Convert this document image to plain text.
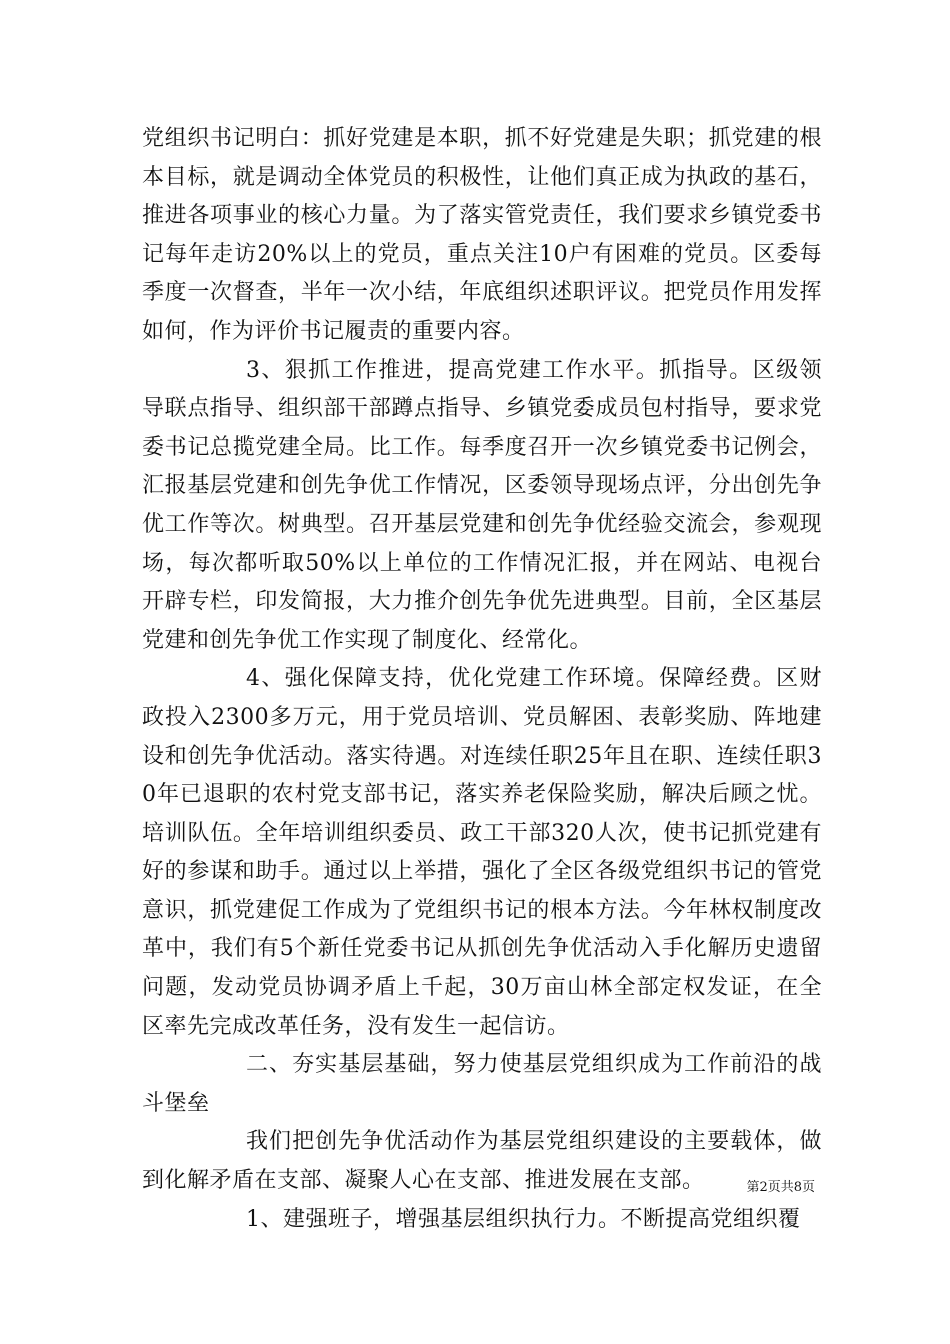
党组织书记明白：抓好党建是本职，抓不好党建是失职；抓党建的根本目标，就是调动全体党员的积极性，让他们真正成为执政的基石，推进各项事业的核心力量。为了落实管党责任，我们要求乡镇党委书记每年走访20%以上的党员，重点关注10户有困难的党员。区委每季度一次督查，半年一次小结，年底组织述职评议。把党员作用发挥如何，作为评价书记履责的重要内容。

3、狠抓工作推进，提高党建工作水平。抓指导。区级领导联点指导、组织部干部蹲点指导、乡镇党委成员包村指导，要求党委书记总揽党建全局。比工作。每季度召开一次乡镇党委书记例会，汇报基层党建和创先争优工作情况，区委领导现场点评，分出创先争优工作等次。树典型。召开基层党建和创先争优经验交流会，参观现场，每次都听取50%以上单位的工作情况汇报，并在网站、电视台开辟专栏，印发简报，大力推介创先争优先进典型。目前，全区基层党建和创先争优工作实现了制度化、经常化。

4、强化保障支持，优化党建工作环境。保障经费。区财政投入2300多万元，用于党员培训、党员解困、表彰奖励、阵地建设和创先争优活动。落实待遇。对连续任职25年且在职、连续任职30年已退职的农村党支部书记，落实养老保险奖励，解决后顾之忧。培训队伍。全年培训组织委员、政工干部320人次，使书记抓党建有好的参谋和助手。通过以上举措，强化了全区各级党组织书记的管党意识，抓党建促工作成为了党组织书记的根本方法。今年林权制度改革中，我们有5个新任党委书记从抓创先争优活动入手化解历史遗留问题，发动党员协调矛盾上千起，30万亩山林全部定权发证，在全区率先完成改革任务，没有发生一起信访。

二、夯实基层基础，努力使基层党组织成为工作前沿的战斗堡垒

我们把创先争优活动作为基层党组织建设的主要载体，做到化解矛盾在支部、凝聚人心在支部、推进发展在支部。

1、建强班子，增强基层组织执行力。不断提高党组织覆

第2页共8页
